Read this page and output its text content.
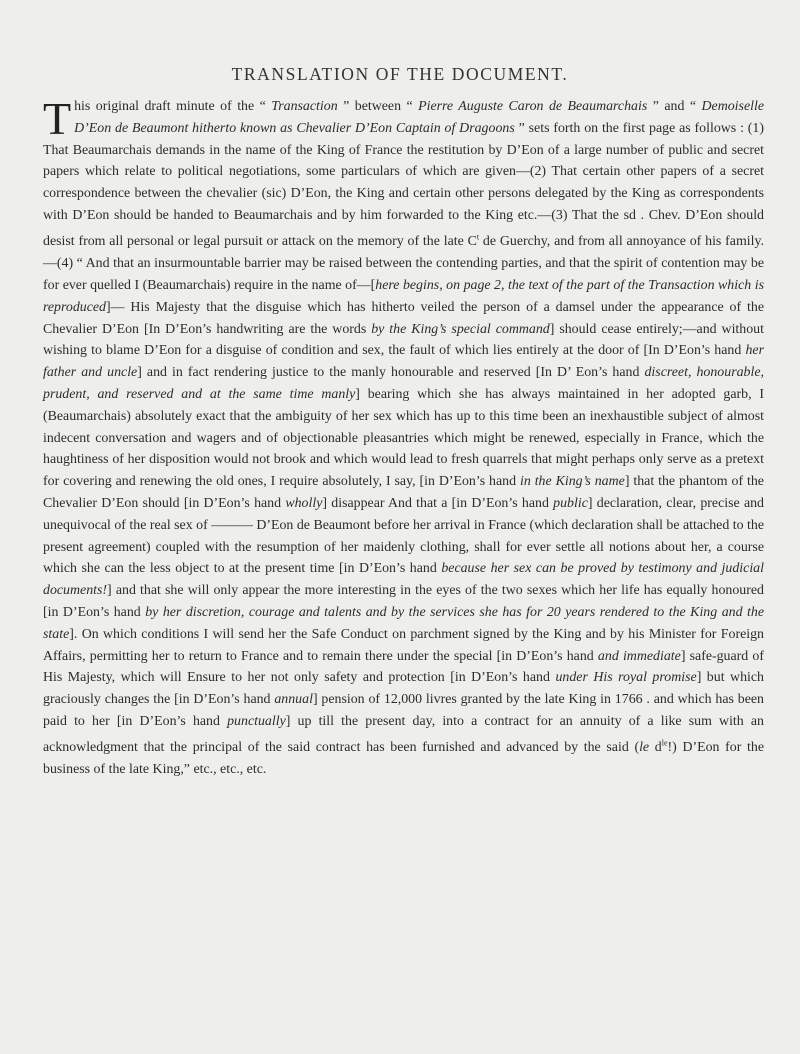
TRANSLATION OF THE DOCUMENT.
This original draft minute of the “ Transaction ” between “ Pierre Auguste Caron de Beaumarchais ” and “ Demoiselle D’Eon de Beaumont hitherto known as Chevalier D’Eon Captain of Dragoons ” sets forth on the first page as follows : (1) That Beaumarchais demands in the name of the King of France the restitution by D’Eon of a large number of public and secret papers which relate to political negotiations, some particulars of which are given—(2) That certain other papers of a secret correspondence between the chevalier (sic) D’Eon, the King and certain other persons delegated by the King as correspondents with D’Eon should be handed to Beaumarchais and by him forwarded to the King etc.—(3) That the sd . Chev. D’Eon should desist from all personal or legal pursuit or attack on the memory of the late $C^t$ de Guerchy, and from all annoyance of his family.—(4) “ And that an insurmountable barrier may be raised between the contending parties, and that the spirit of contention may be for ever quelled I (Beaumarchais) require in the name of—[here begins, on page 2, the text of the part of the Transaction which is reproduced]— His Majesty that the disguise which has hitherto veiled the person of a damsel under the appearance of the Chevalier D’Eon [In D’Eon’s handwriting are the words by the King’s special command] should cease entirely;—and without wishing to blame D’Eon for a disguise of condition and sex, the fault of which lies entirely at the door of [In D’Eon’s hand her father and uncle] and in fact rendering justice to the manly honourable and reserved [In D’ Eon’s hand discreet, honourable, prudent, and reserved and at the same time manly] bearing which she has always maintained in her adopted garb, I (Beaumarchais) absolutely exact that the ambiguity of her sex which has up to this time been an inexhaustible subject of almost indecent conversation and wagers and of objectionable pleasantries which might be renewed, especially in France, which the haughtiness of her disposition would not brook and which would lead to fresh quarrels that might perhaps only serve as a pretext for covering and renewing the old ones, I require absolutely, I say, [in D’Eon’s hand in the King’s name] that the phantom of the Chevalier D’Eon should [in D’Eon’s hand wholly] disappear And that a [in D’Eon’s hand public] declaration, clear, precise and unequivocal of the real sex of ——— D’Eon de Beaumont before her arrival in France (which declaration shall be attached to the present agreement) coupled with the resumption of her maidenly clothing, shall for ever settle all notions about her, a course which she can the less object to at the present time [in D’Eon’s hand because her sex can be proved by testimony and judicial documents!] and that she will only appear the more interesting in the eyes of the two sexes which her life has equally honoured [in D’Eon’s hand by her discretion, courage and talents and by the services she has for 20 years rendered to the King and the state]. On which conditions I will send her the Safe Conduct on parchment signed by the King and by his Minister for Foreign Affairs, permitting her to return to France and to remain there under the special [in D’Eon’s hand and immediate] safe-guard of His Majesty, which will Ensure to her not only safety and protection [in D’Eon’s hand under His royal promise] but which graciously changes the [in D’Eon’s hand annual] pension of 12,000 livres granted by the late King in 1766 . and which has been paid to her [in D’Eon’s hand punctually] up till the present day, into a contract for an annuity of a like sum with an acknowledgment that the principal of the said contract has been furnished and advanced by the said (le $d^{le}$!) D’Eon for the business of the late King,” etc., etc., etc.
